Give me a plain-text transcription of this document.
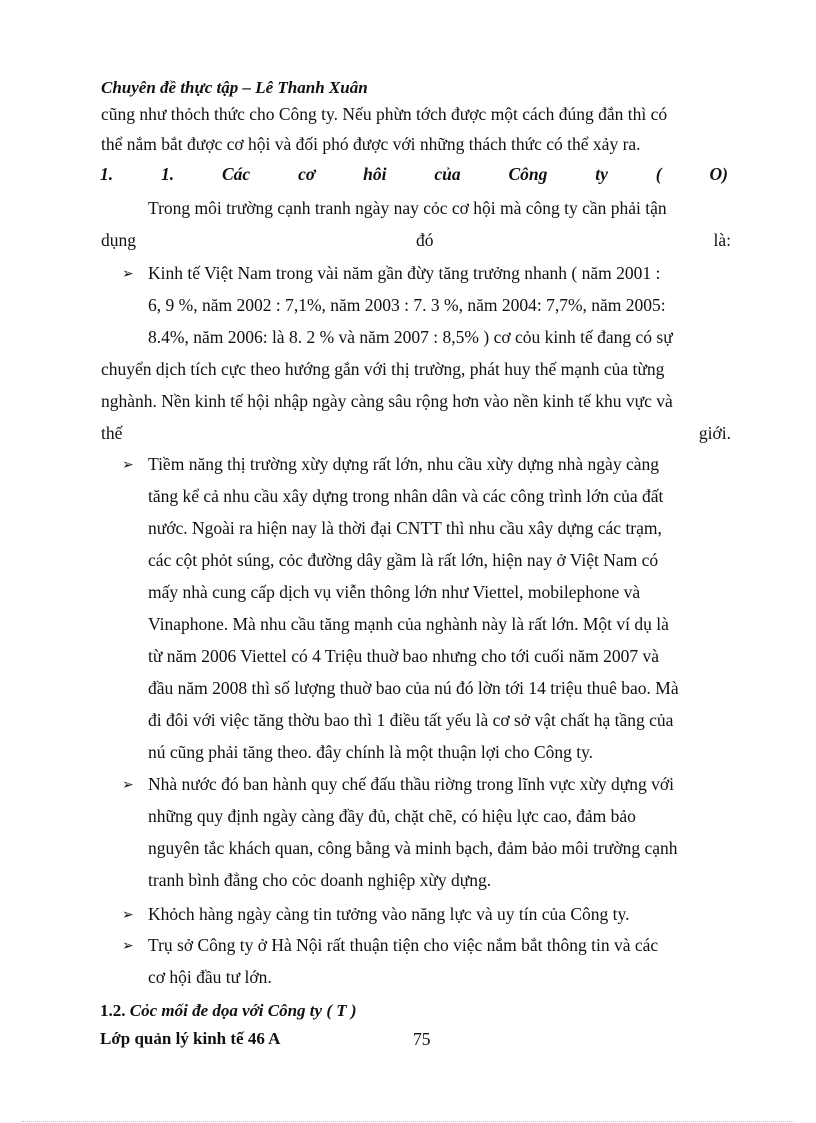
Chuyên đề thực tập – Lê Thanh Xuân
cũng như thỏch thức cho Công ty. Nếu phừn tớch được một cách đúng đắn thì có
thể nắm bắt được cơ hội và đối phó được với những thách thức có thể xảy ra.
1.	1.	Các	cơ	hôi	của	Công	ty	(	O)
Trong môi trường cạnh tranh ngày nay cỏc cơ hội mà công ty cần phải tận
dụng	đó	là:
➢ Kinh tế Việt Nam trong vài năm gần đừy tăng trưởng nhanh ( năm 2001 :
6, 9 %, năm 2002 : 7,1%, năm 2003 : 7. 3 %, năm 2004: 7,7%, năm 2005:
8.4%, năm 2006: là 8. 2 % và năm 2007 : 8,5% ) cơ cỏu kinh tế đang có sự
chuyển dịch tích cực theo hướng gắn với thị trường, phát huy thế mạnh của từng
nghành. Nền kinh tế hội nhập ngày càng sâu rộng hơn vào nền kinh tế khu vực và
thế	giới.
➢ Tiềm năng thị trường xừy dựng rất lớn, nhu cầu xừy dựng nhà ngày càng
tăng kể cả nhu cầu xây dựng trong nhân dân và các công trình lớn của đất
nước. Ngoài ra hiện nay là thời đại CNTT thì nhu cầu xây dựng các trạm,
các cột phỏt súng, cỏc đường dây gầm là rất lớn, hiện nay ở Việt Nam có
mấy nhà cung cấp dịch vụ viễn thông lớn như Viettel, mobilephone và
Vinaphone. Mà nhu cầu tăng mạnh của nghành này là rất lớn. Một ví dụ là
từ năm 2006 Viettel có 4 Triệu thuờ bao nhưng cho tới cuối năm 2007 và
đầu năm 2008 thì số lượng thuờ bao của nú đó lờn tới 14 triệu thuê bao. Mà
đi đôi với việc tăng thờu bao thì 1 điều tất yếu là cơ sở vật chất hạ tầng của
nú cũng phải tăng theo. đây chính là một thuận lợi cho Công ty.
➢ Nhà nước đó ban hành quy chế đấu thầu riờng trong lĩnh vực xừy dựng với
những quy định ngày càng đầy đủ, chặt chẽ, có hiệu lực cao, đảm bảo
nguyên tắc khách quan, công bằng và minh bạch, đảm bảo môi trường cạnh
tranh bình đẳng cho cỏc doanh nghiệp xừy dựng.
➢ Khỏch hàng ngày càng tin tưởng vào năng lực và uy tín của Công ty.
➢ Trụ sở Công ty ở Hà Nội rất thuận tiện cho việc nắm bắt thông tin và các
cơ hội đầu tư lớn.
1.2. Cỏc mối đe dọa với Công ty ( T )
Lớp quản lý kinh tế 46 A	75
